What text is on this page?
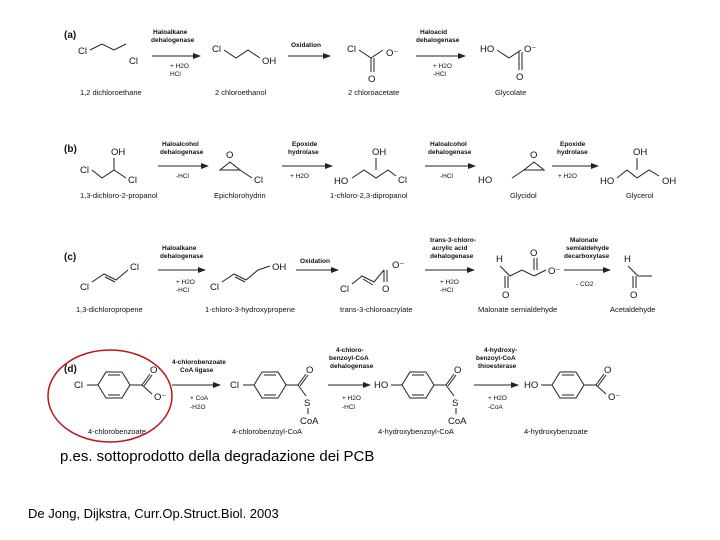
(a)
Cl
Cl
1,2 dichloroethane
Haloalkane
dehalogenase
+ H2O
HCl
Cl
OH
2 chloroethanol
Oxidation	Cl
O
O⁻
2 chloroacetate
Haloacid
dehalogenase
+ H2O
-HCl
HO
O
O⁻
Glycolate
(b)	OH
Cl
Cl
1,3-dichloro-2-propanol
Haloalcohol
dehalogenase
-HCl
O
Cl
Epichlorohydrin
Epoxide
hydrolase
+ H2O
OH
HO	Cl
1-chloro-2,3-dipropanol
Haloalcohol
dehalogenase
-HCl
O
HO
Glycidol
Epoxide
hydrolase
+ H2O
OH
HO	OH
Glycerol
(c)
Cl
Cl
1,3-dichloropropene
Haloalkane
dehalogenase
+ H2O
-HCl Cl
OH
1-chloro-3-hydroxypropene
Oxidation
Cl	O
O⁻
trans-3-chloroacrylate
trans-3-chloro-
acrylic acid
dehalogenase
+ H2O
-HCl
H
O
O
O⁻
Malonate semialdehyde
Malonate
semialdehyde
decarboxylase
- CO2
H
O
Acetaldehyde
(d)
Cl
O
O⁻
4-chlorobenzoate
4-chlorobenzoate
CoA ligase
+ CoA
-H2O
Cl
O
S
CoA
4-chlorobenzoyl-CoA
4-chloro-
benzoyl-CoA
dehalogenase
+ H2O
-HCl
HO
O
S
CoA
4-hydroxybenzoyl-CoA
4-hydroxy-
benzoyl-CoA
thioesterase
+ H2O
-CoA
HO
O
O⁻
4-hydroxybenzoate
p.es. sottoprodotto della degradazione dei PCB
De Jong, Dijkstra, Curr.Op.Struct.Biol. 2003
